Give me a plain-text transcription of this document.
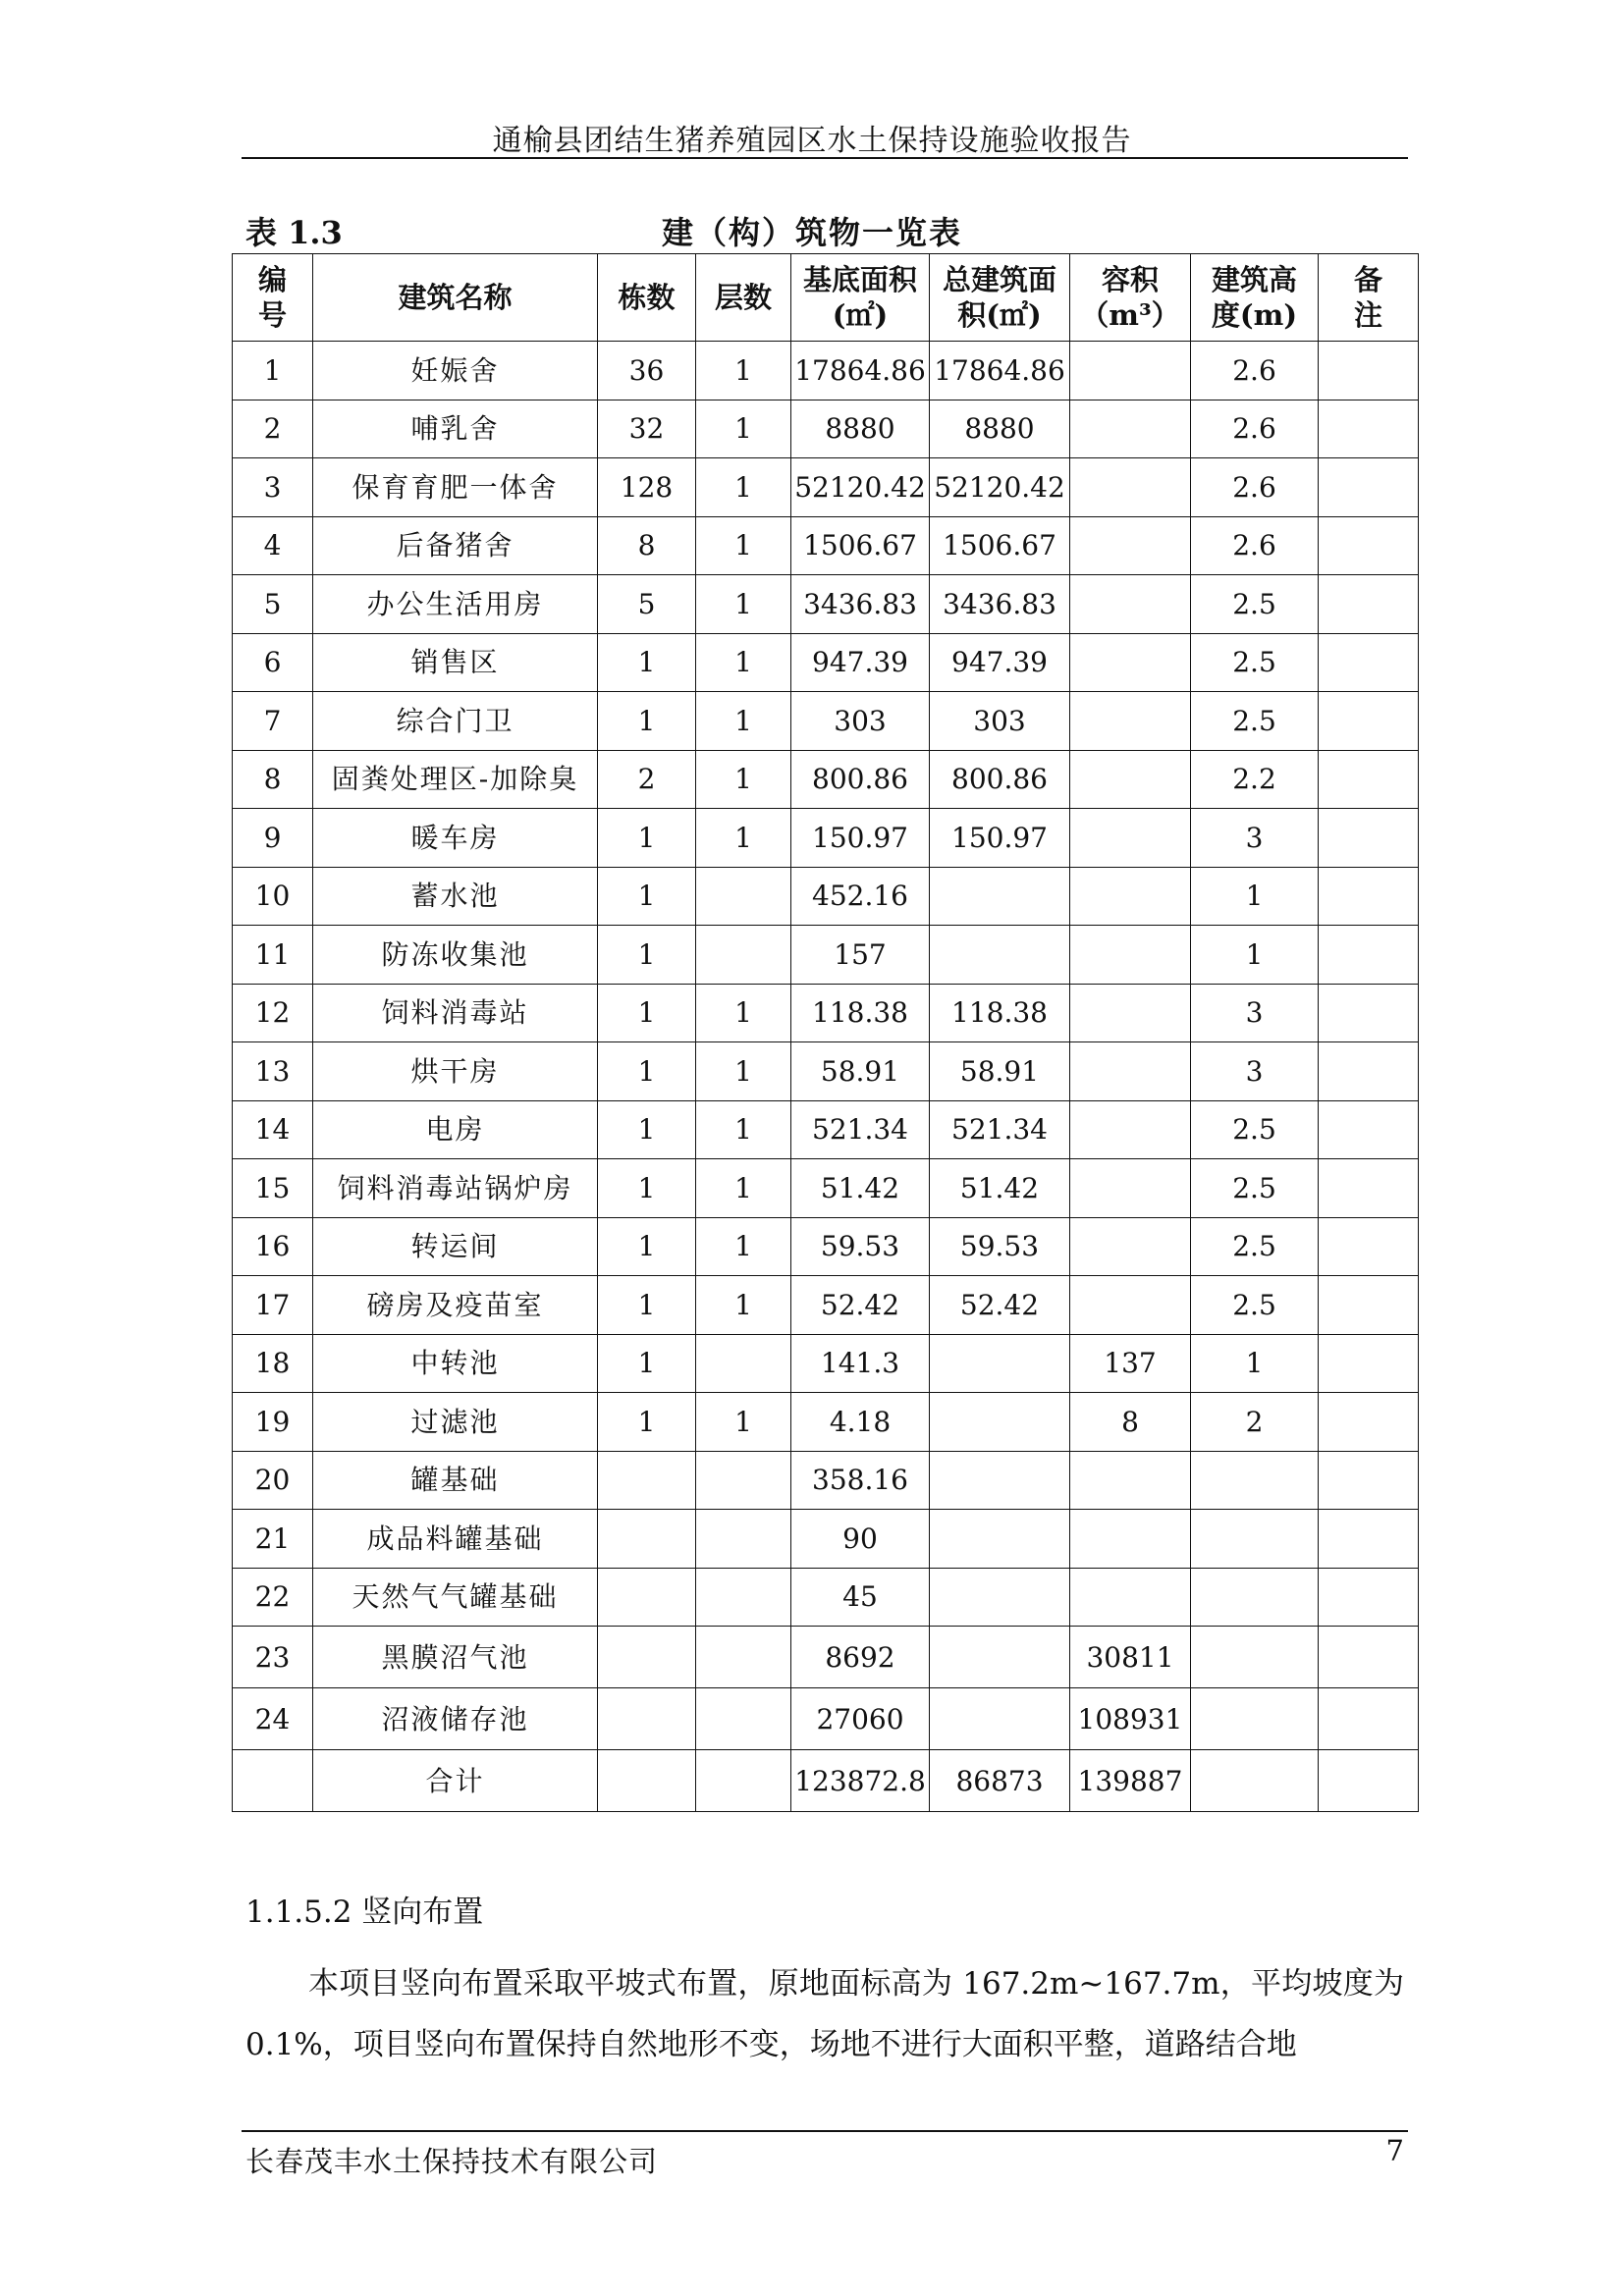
通榆县团结生猪养殖园区水土保持设施验收报告
表 1.3	建（构）筑物一览表
编号	建筑名称	栋数	层数	基底面积(㎡)	总建筑面积(㎡)	容积（m³）	建筑高度(m)	备注
1	妊娠舍	36	1	17864.86	17864.86		2.6	
2	哺乳舍	32	1	8880	8880		2.6	
3	保育育肥一体舍	128	1	52120.42	52120.42		2.6	
4	后备猪舍	8	1	1506.67	1506.67		2.6	
5	办公生活用房	5	1	3436.83	3436.83		2.5	
6	销售区	1	1	947.39	947.39		2.5	
7	综合门卫	1	1	303	303		2.5	
8	固粪处理区-加除臭	2	1	800.86	800.86		2.2	
9	暖车房	1	1	150.97	150.97		3	
10	蓄水池	1		452.16			1	
11	防冻收集池	1		157			1	
12	饲料消毒站	1	1	118.38	118.38		3	
13	烘干房	1	1	58.91	58.91		3	
14	电房	1	1	521.34	521.34		2.5	
15	饲料消毒站锅炉房	1	1	51.42	51.42		2.5	
16	转运间	1	1	59.53	59.53		2.5	
17	磅房及疫苗室	1	1	52.42	52.42		2.5	
18	中转池	1		141.3		137	1	
19	过滤池	1	1	4.18		8	2	
20	罐基础			358.16				
21	成品料罐基础			90				
22	天然气气罐基础			45				
23	黑膜沼气池			8692		30811		
24	沼液储存池			27060		108931		
	合计			123872.8	86873	139887		
1.1.5.2 竖向布置
本项目竖向布置采取平坡式布置，原地面标高为 167.2m~167.7m，平均坡度为 0.1%，项目竖向布置保持自然地形不变，场地不进行大面积平整，道路结合地
长春茂丰水土保持技术有限公司	7
